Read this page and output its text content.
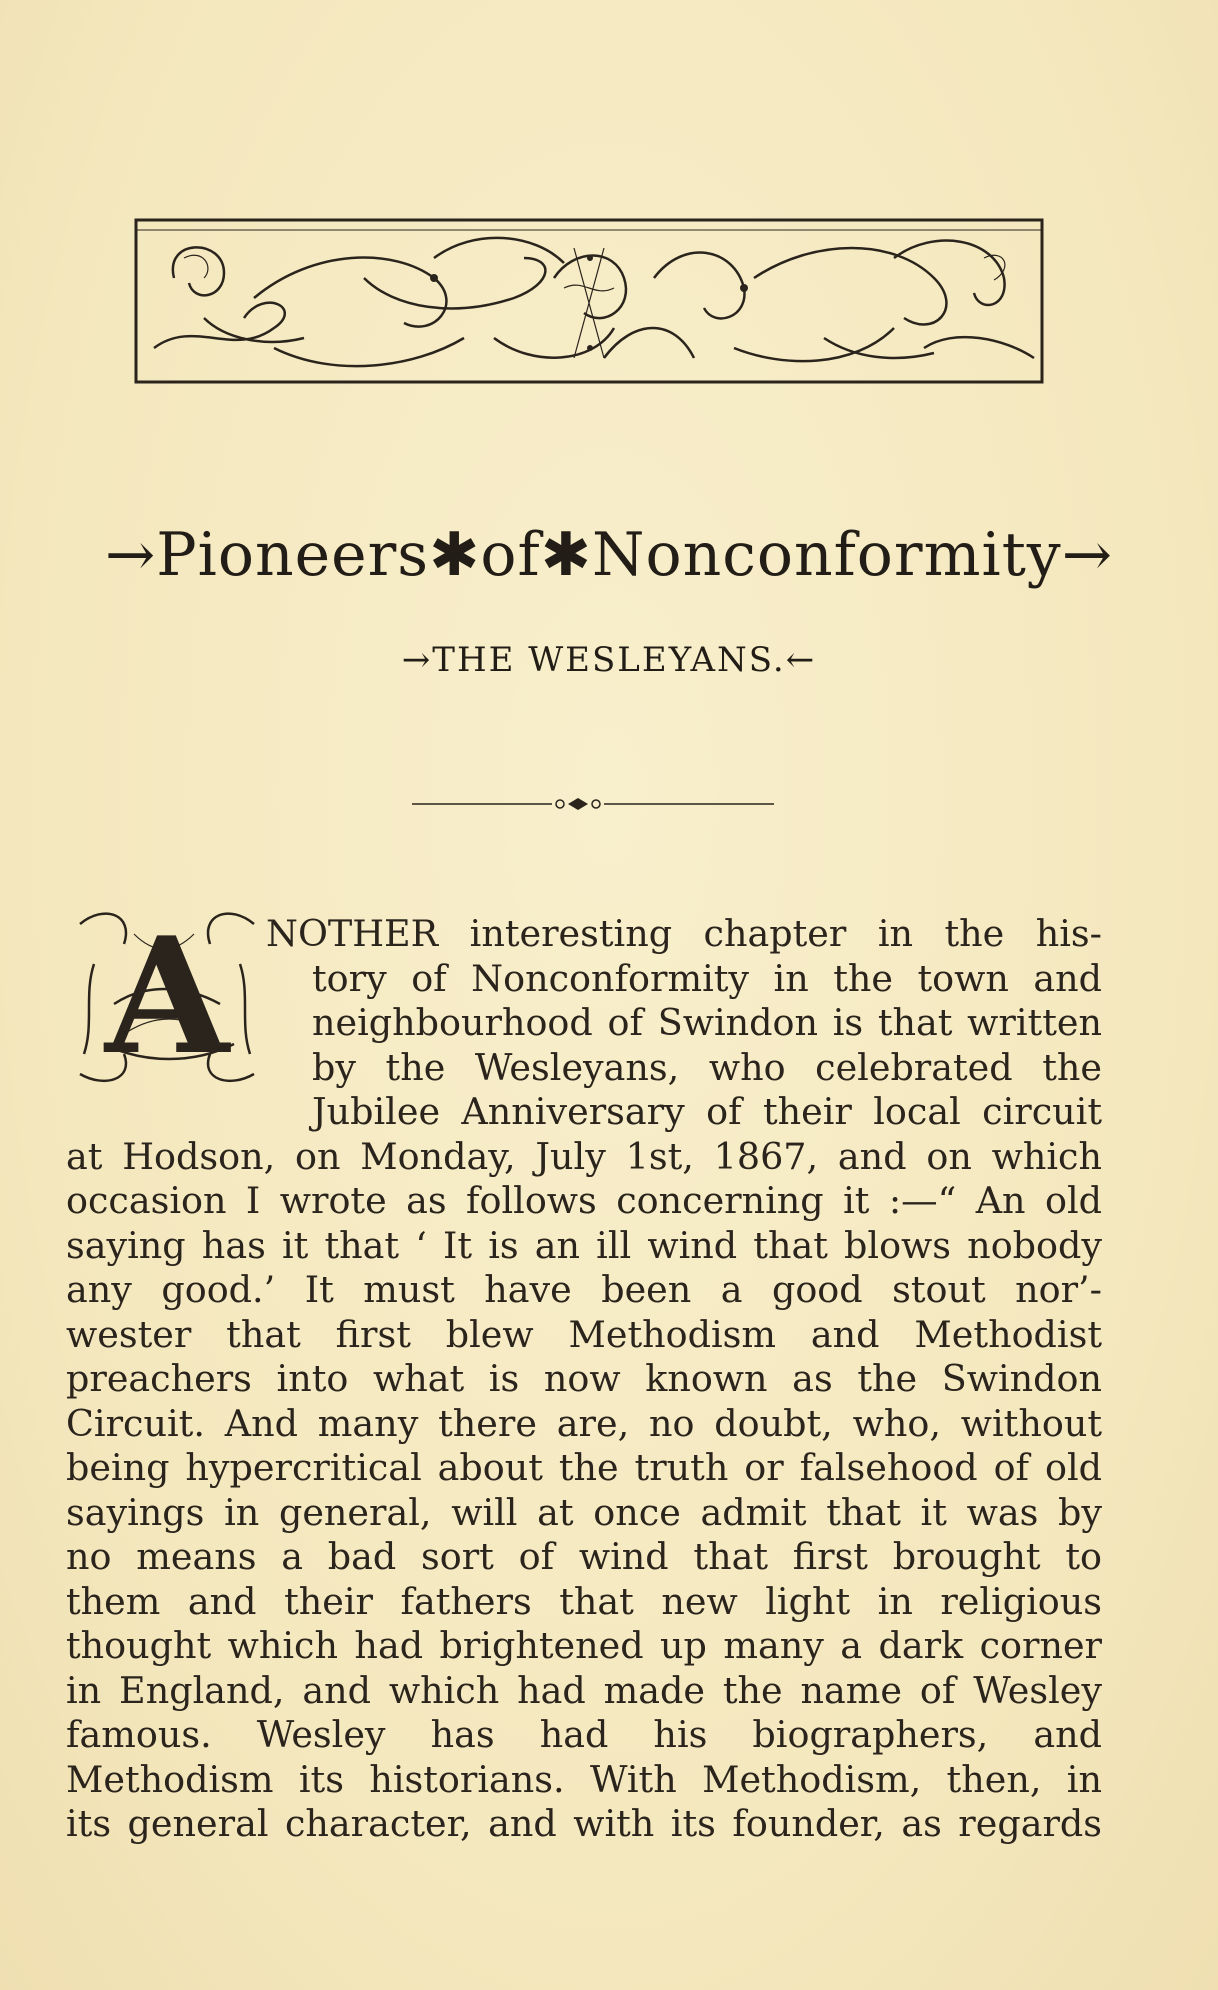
→Pioneers✱of✱Nonconformity→
→THE WESLEYANS.←
A	NOTHER interesting chapter in the his-
tory of Nonconformity in the town and
neighbourhood of Swindon is that written
by the Wesleyans, who celebrated the
Jubilee Anniversary of their local circuit
at Hodson, on Monday, July 1st, 1867, and on which
occasion I wrote as follows concerning it :—“ An old
saying has it that ‘ It is an ill wind that blows nobody
any good.’ It must have been a good stout nor’-
wester that first blew Methodism and Methodist
preachers into what is now known as the Swindon
Circuit. And many there are, no doubt, who, without
being hypercritical about the truth or falsehood of old
sayings in general, will at once admit that it was by
no means a bad sort of wind that first brought to
them and their fathers that new light in religious
thought which had brightened up many a dark corner
in England, and which had made the name of Wesley
famous. Wesley has had his biographers, and
Methodism its historians. With Methodism, then, in
its general character, and with its founder, as regards
